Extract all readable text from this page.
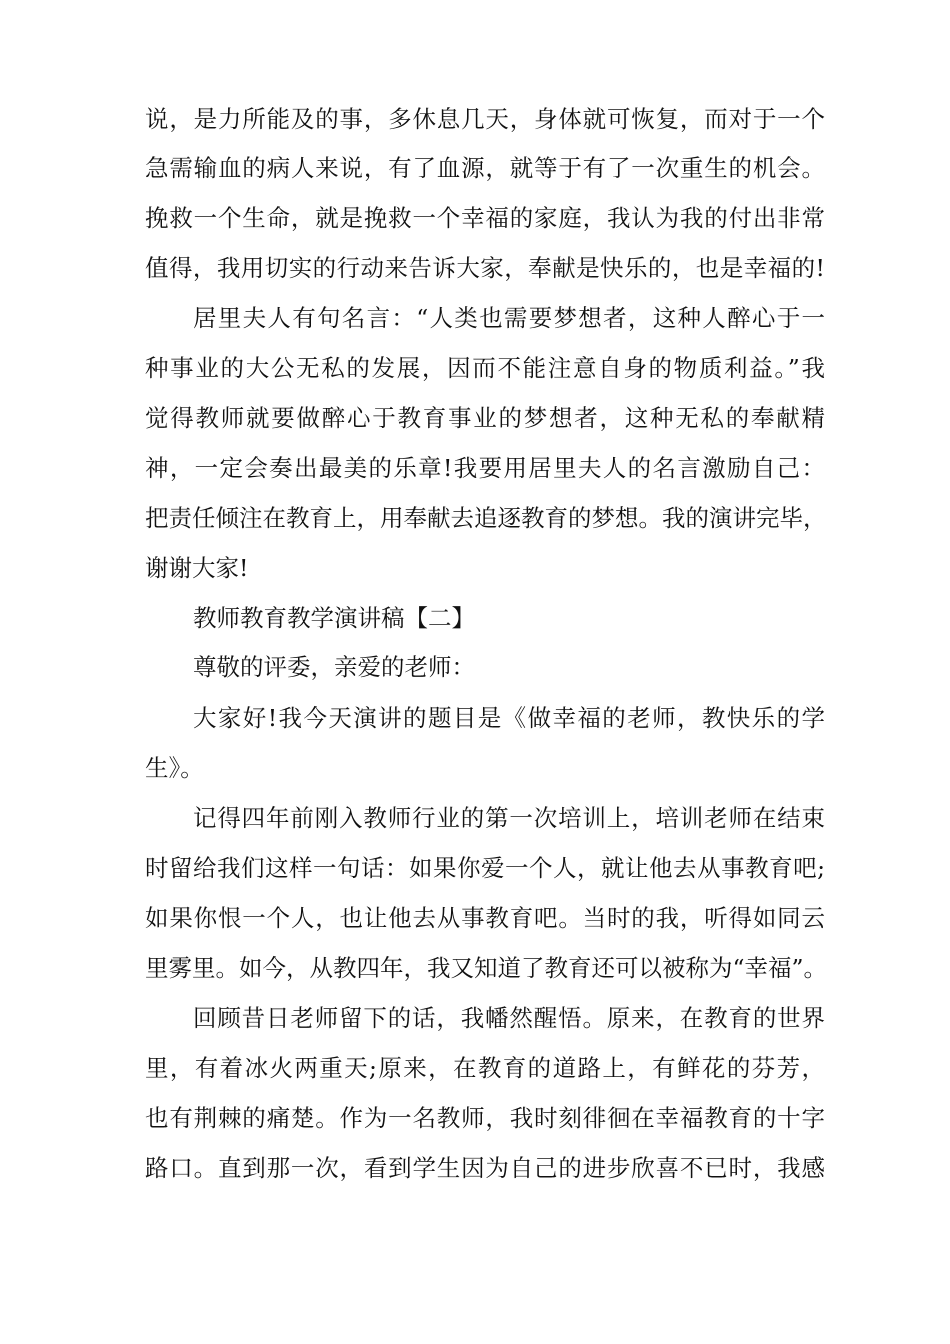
说，是力所能及的事，多休息几天，身体就可恢复，而对于一个
急需输血的病人来说，有了血源，就等于有了一次重生的机会。
挽救一个生命，就是挽救一个幸福的家庭，我认为我的付出非常
值得，我用切实的行动来告诉大家，奉献是快乐的，也是幸福的!
居里夫人有句名言：“人类也需要梦想者，这种人醉心于一
种事业的大公无私的发展，因而不能注意自身的物质利益。”我
觉得教师就要做醉心于教育事业的梦想者，这种无私的奉献精
神，一定会奏出最美的乐章!我要用居里夫人的名言激励自己：
把责任倾注在教育上，用奉献去追逐教育的梦想。我的演讲完毕，
谢谢大家!
教师教育教学演讲稿【二】
尊敬的评委，亲爱的老师：
大家好!我今天演讲的题目是《做幸福的老师，教快乐的学
生》。
记得四年前刚入教师行业的第一次培训上，培训老师在结束
时留给我们这样一句话：如果你爱一个人，就让他去从事教育吧;
如果你恨一个人，也让他去从事教育吧。当时的我，听得如同云
里雾里。如今，从教四年，我又知道了教育还可以被称为“幸福”。
回顾昔日老师留下的话，我幡然醒悟。原来，在教育的世界
里，有着冰火两重天;原来，在教育的道路上，有鲜花的芬芳，
也有荆棘的痛楚。作为一名教师，我时刻徘徊在幸福教育的十字
路口。直到那一次，看到学生因为自己的进步欣喜不已时，我感
